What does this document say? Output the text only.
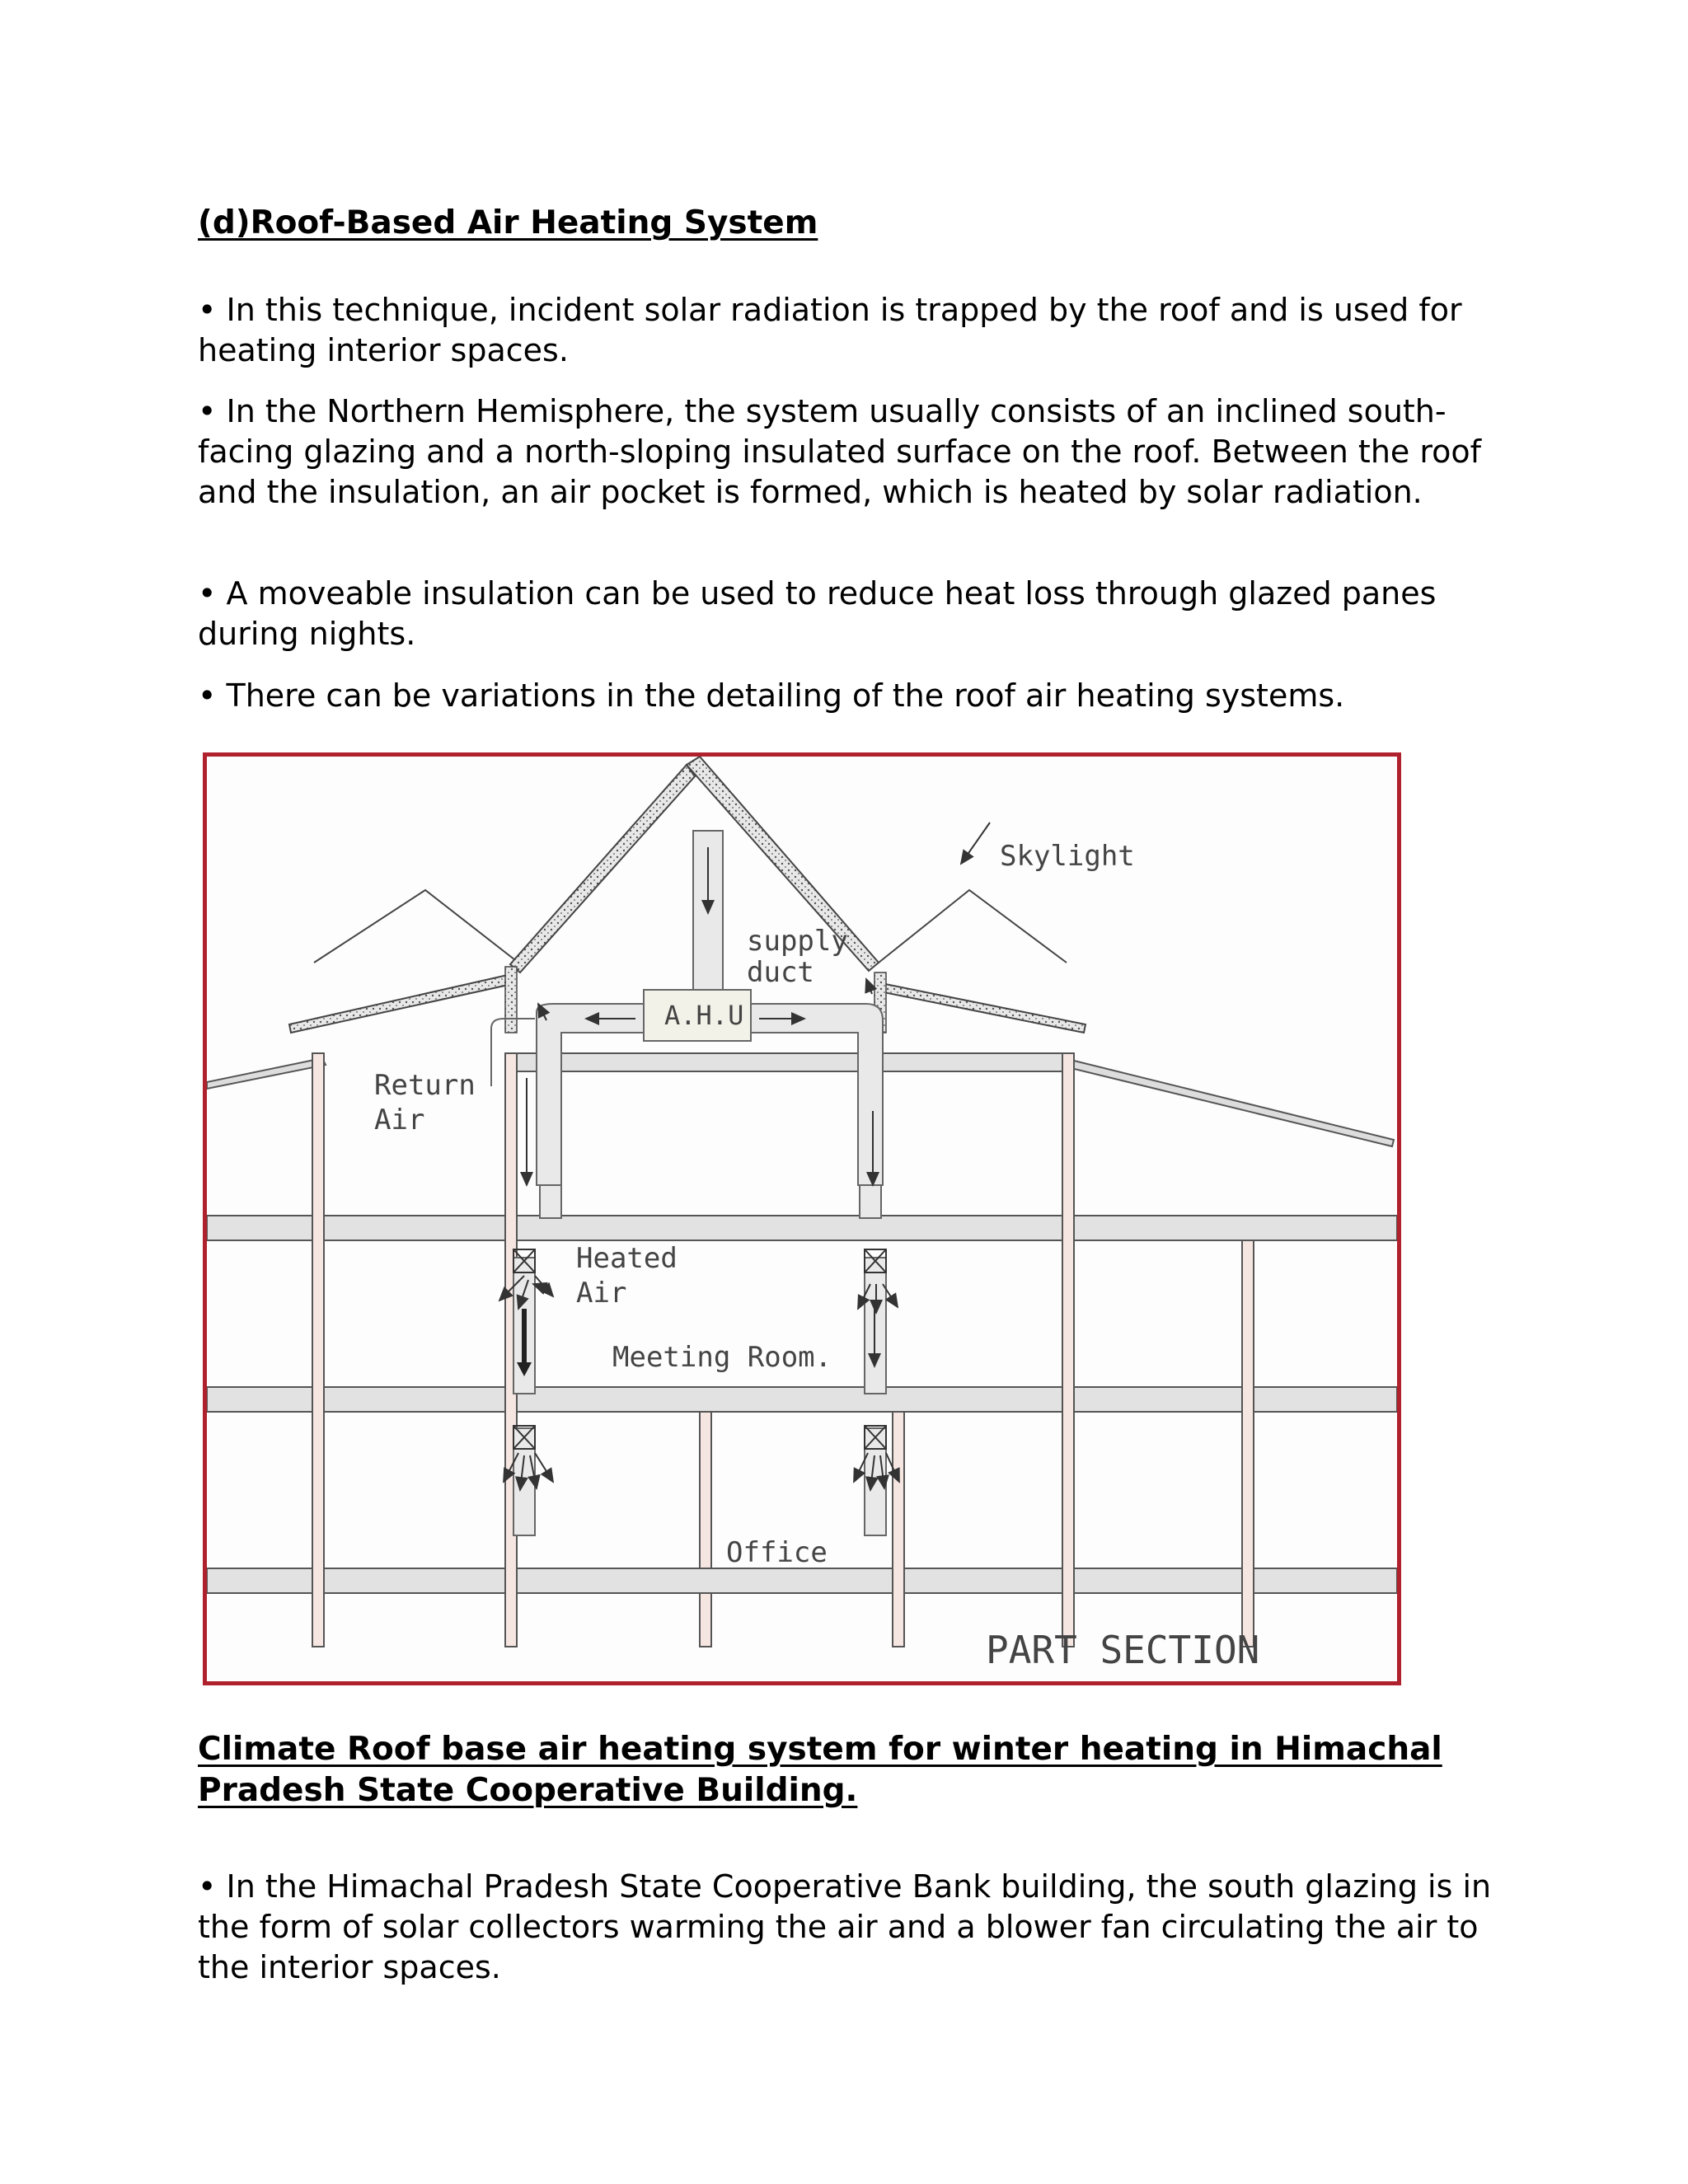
(d)Roof-Based Air Heating System

• In this technique, incident solar radiation is trapped by the roof and is used for heating interior spaces.

• In the Northern Hemisphere, the system usually consists of an inclined south-facing glazing and a north-sloping insulated surface on the roof. Between the roof and the insulation, an air pocket is formed, which is heated by solar radiation.

• A moveable insulation can be used to reduce heat loss through glazed panes during nights.

• There can be variations in the detailing of the roof air heating systems.

Skylight
supply
duct
A.H.U
Return
Air
Heated
Air
Meeting Room.
Office
PART SECTION
Climate Roof base air heating system for winter heating in Himachal Pradesh State Cooperative Building.

• In the Himachal Pradesh State Cooperative Bank building, the south glazing is in the form of solar collectors warming the air and a blower fan circulating the air to the interior spaces.
